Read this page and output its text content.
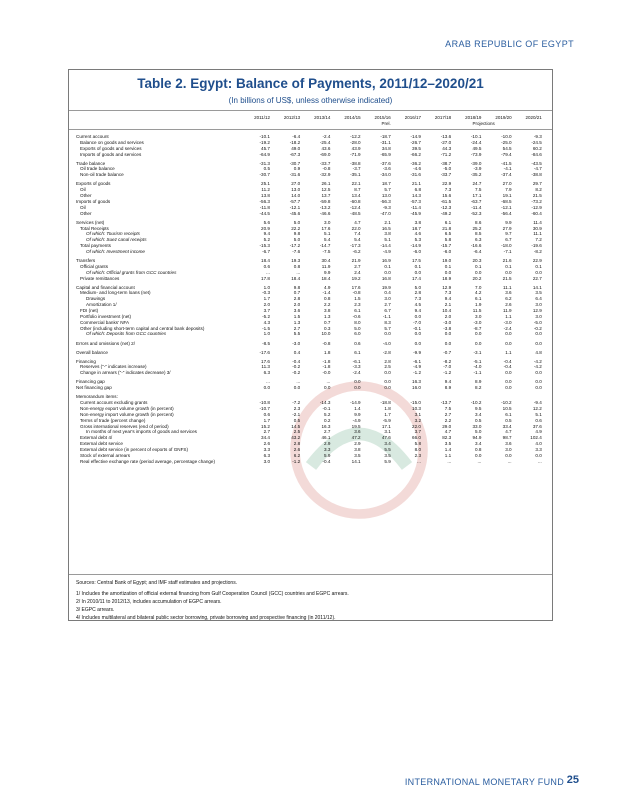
ARAB REPUBLIC OF EGYPT
Table 2. Egypt: Balance of Payments, 2011/12–2020/21
(In billions of US$, unless otherwise indicated)
Projections
Prel.
2011/12	2012/13	2013/14	2014/15	2015/16	2016/17	2017/18	2018/19	2019/20	2020/21
Current account	-10.1	-6.4	-2.4	-12.2	-18.7	-14.9	-13.6	-10.1	-10.0	-9.3
Balance on goods and services	-19.2	-18.2	-25.4	-28.0	-31.1	-26.7	-27.0	-24.4	-25.0	-24.5
Exports of goods and services	45.7	49.0	43.6	43.9	34.8	39.5	44.3	49.5	54.5	60.2
Imports of goods and services	-64.9	-67.3	-69.0	-71.9	-65.9	-66.2	-71.2	-73.9	-79.4	-84.6
Trade balance	-31.3	-30.7	-33.7	-38.8	-37.6	-36.2	-38.7	-39.0	-41.5	-43.5
Oil trade balance	0.5	0.9	-0.8	-3.7	-3.6	-4.6	-5.0	-3.9	-4.1	-4.7
Non-oil trade balance	-30.7	-31.6	-32.9	-35.1	-34.0	-31.6	-33.7	-35.2	-37.4	-38.8
Exports of goods	25.1	27.0	26.1	22.1	18.7	21.1	22.9	24.7	27.0	29.7
Oil	11.2	13.0	12.5	8.7	5.7	6.8	7.3	7.5	7.9	8.2
Other	13.8	14.0	13.7	13.4	13.0	14.3	15.6	17.1	19.1	21.5
Imports of goods	-56.3	-57.7	-59.8	-60.8	-56.3	-57.3	-61.5	-63.7	-68.5	-73.2
Oil	-11.8	-12.1	-13.2	-12.4	-9.3	-11.4	-12.3	-11.4	-12.1	-12.9
Other	-44.5	-45.6	-46.6	-48.5	-47.0	-45.9	-49.2	-52.3	-56.4	-60.4
Services (net)	5.6	5.0	3.0	4.7	2.1	3.8	6.1	8.6	9.9	11.4
Total Receipts	20.9	22.2	17.6	22.0	16.5	18.7	21.8	25.2	27.9	30.9
Of which: Tourism receipts	9.4	9.8	5.1	7.4	3.8	4.6	6.5	8.5	9.7	11.1
Of which: Suez canal receipts	5.2	5.0	5.4	5.4	5.1	5.3	5.8	6.3	6.7	7.2
Total payments	-15.3	-17.2	-14.7	-17.3	-14.4	-14.9	-15.7	-16.6	-18.0	-19.6
Of which: Investment income	-6.7	-7.6	-7.5	-6.2	-4.9	-6.0	-6.0	-6.4	-7.1	-8.2
Transfers	18.4	19.3	30.4	21.9	16.9	17.5	19.0	20.3	21.6	22.9
Official grants	0.6	0.8	11.9	2.7	0.1	0.1	0.1	0.1	0.1	0.1
Of which: Official grants from GCC countries	...	...	9.9	2.4	0.0	0.0	0.0	0.0	0.0	0.0
Private remittances	17.8	18.4	18.4	19.2	16.8	17.4	18.9	20.2	21.5	22.7
Capital and financial account	1.0	9.8	4.9	17.6	19.9	5.0	12.9	7.0	11.1	14.1
Medium- and long-term loans (net)	-0.3	0.7	-1.4	-0.8	0.4	2.8	7.3	4.2	3.6	3.5
Drawings	1.7	2.8	0.8	1.5	3.0	7.3	9.4	6.1	6.2	6.4
Amortization 1/	2.0	2.0	2.2	2.3	2.7	4.5	2.1	1.9	2.6	3.0
FDI (net)	3.7	3.6	3.8	6.1	6.7	9.4	10.4	11.5	11.9	12.9
Portfolio investment (net)	-5.2	1.5	1.3	-0.6	-1.1	0.0	2.0	3.0	1.1	3.0
Commercial banks' NFA	4.3	1.3	0.7	8.0	8.3	-7.0	-3.0	-3.0	-3.0	-5.0
Other (including short-term capital and central bank deposits)	-1.5	2.7	0.3	5.0	5.7	-0.1	-3.8	-8.7	-2.4	-0.2
Of which: Deposits from GCC countries	1.0	5.5	10.0	6.0	0.0	0.0	0.0	0.0	0.0	0.0
Errors and omissions (net) 2/	-8.5	-3.0	-0.8	0.6	-4.0	0.0	0.0	0.0	0.0	0.0
Overall balance	-17.6	0.4	1.8	6.1	-2.8	-9.9	-0.7	-3.1	1.1	4.8
Financing	17.6	-0.4	-1.8	-6.1	2.8	-6.1	-8.2	-5.1	-0.4	-4.2
Reserves ("-" indicates increase)	11.3	-0.2	-1.8	-3.3	2.5	-4.9	-7.0	-4.0	-0.4	-4.2
Change in arrears ("-" indicates decrease) 3/	6.3	-0.2	-0.0	-2.4	0.0	-1.2	-1.2	-1.1	0.0	0.0
Financing gap	...	...	...	0.0	0.0	16.3	9.4	8.9	0.0	0.0
Net financing gap	0.0	0.0	0.0	0.0	0.0	16.0	8.9	8.2	0.0	0.0
Memorandum items:
Current account excluding grants	-10.8	-7.2	-14.3	-14.9	-18.8	-15.0	-13.7	-10.2	-10.2	-9.4
Non-energy export volume growth (in percent)	-10.7	2.3	-0.1	1.4	1.8	10.3	7.5	9.5	10.5	12.2
Non-energy import volume growth (in percent)	0.6	-2.1	5.2	9.9	1.7	3.1	2.7	3.4	6.1	5.1
Terms of trade (percent change)	1.7	0.5	0.2	-4.9	-5.9	3.2	2.2	0.5	0.5	0.6
Gross international reserves (end of period)	15.2	14.5	16.3	19.5	17.1	22.0	29.0	33.0	33.4	37.6
In months of next year's imports of goods and services	2.7	2.5	2.7	3.6	3.1	3.7	4.7	5.0	4.7	4.9
External debt 4/	34.4	43.2	46.1	47.2	47.6	66.0	82.3	94.9	98.7	102.4
External debt service	2.6	2.8	2.9	2.9	3.4	5.8	3.5	3.4	3.6	4.0
External debt service (in percent of exports of GNFS)	3.3	2.6	3.3	3.8	5.5	8.0	1.4	0.8	3.0	3.3
Stock of external arrears	6.3	6.2	5.9	3.5	3.5	2.3	1.1	0.0	0.0	0.0
Real effective exchange rate (period average, percentage change)	3.0	-1.2	-0.4	14.1	5.9	...	...	...	...	...
Sources: Central Bank of Egypt; and IMF staff estimates and projections.
1/ Includes the amortization of official external financing from Gulf Cooperation Council (GCC) countries and EGPC arrears.
2/ In 2010/11 to 2012/13, includes accumulation of EGPC arrears.
3/ EGPC arrears.
4/ Includes multilateral and bilateral public sector borrowing, private borrowing and prospective financing (in 2011/12).
INTERNATIONAL MONETARY FUND 25
